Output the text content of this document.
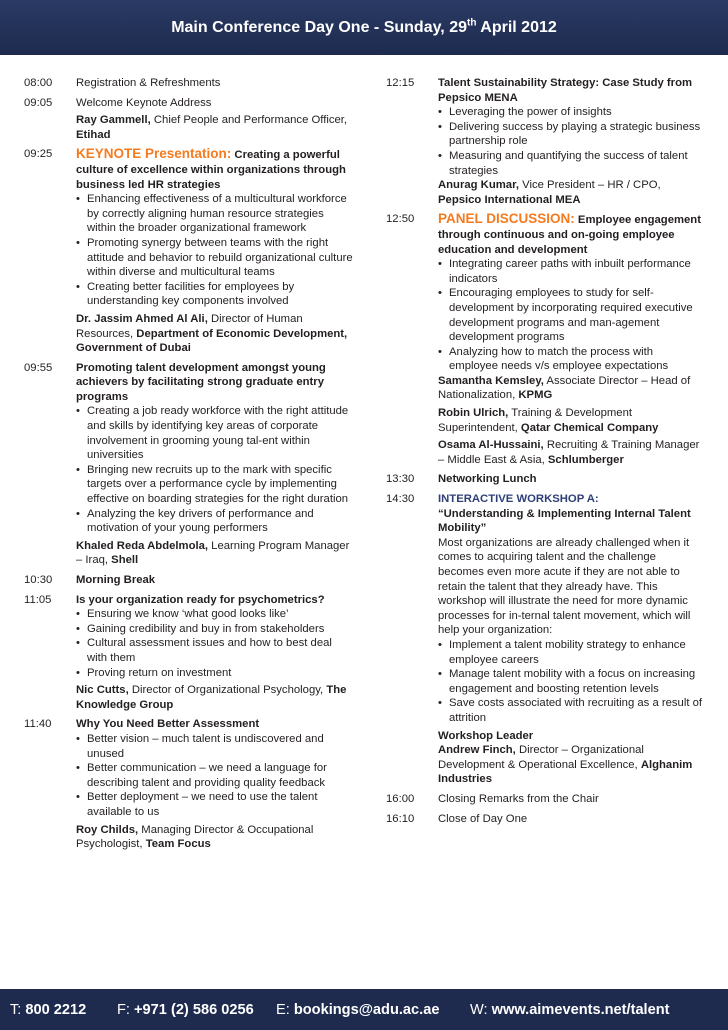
Main Conference Day One - Sunday, 29th April 2012
08:00	Registration & Refreshments
09:05	Welcome Keynote Address
Ray Gammell, Chief People and Performance Officer, Etihad
09:25	KEYNOTE Presentation: Creating a powerful culture of excellence within organizations through business led HR strategies
• Enhancing effectiveness of a multicultural workforce by correctly aligning human resource strategies within the broader organizational framework
• Promoting synergy between teams with the right attitude and behavior to rebuild organizational culture within diverse and multicultural teams
• Creating better facilities for employees by understanding key components involved
Dr. Jassim Ahmed Al Ali, Director of Human Resources, Department of Economic Development, Government of Dubai
09:55	Promoting talent development amongst young achievers by facilitating strong graduate entry programs
• Creating a job ready workforce with the right attitude and skills by identifying key areas of corporate involvement in grooming young tal-ent within universities
• Bringing new recruits up to the mark with specific targets over a performance cycle by implementing effective on boarding strategies for the right duration
• Analyzing the key drivers of performance and motivation of your young performers
Khaled Reda Abdelmola, Learning Program Manager – Iraq, Shell
10:30	Morning Break
11:05	Is your organization ready for psychometrics?
• Ensuring we know ‘what good looks like’
• Gaining credibility and buy in from stakeholders
• Cultural assessment issues and how to best deal with them
• Proving return on investment
Nic Cutts, Director of Organizational Psychology, The Knowledge Group
11:40	Why You Need Better Assessment
• Better vision – much talent is undiscovered and unused
• Better communication – we need a language for describing talent and providing quality feedback
• Better deployment – we need to use the talent available to us
Roy Childs, Managing Director & Occupational Psychologist, Team Focus
12:15	Talent Sustainability Strategy: Case Study from Pepsico MENA
• Leveraging the power of insights
• Delivering success by playing a strategic business partnership role
• Measuring and quantifying the success of talent strategies
Anurag Kumar, Vice President – HR / CPO, Pepsico International MEA
12:50	PANEL DISCUSSION: Employee engagement through continuous and on-going employee education and development
• Integrating career paths with inbuilt performance indicators
• Encouraging employees to study for self-development by incorporating required executive development programs and man-agement development programs
• Analyzing how to match the process with employee needs v/s employee expectations
Samantha Kemsley, Associate Director – Head of Nationalization, KPMG
Robin Ulrich, Training & Development Superintendent, Qatar Chemical Company
Osama Al-Hussaini, Recruiting & Training Manager – Middle East & Asia, Schlumberger
13:30	Networking Lunch
14:30	INTERACTIVE WORKSHOP A:
“Understanding & Implementing Internal Talent Mobility”
Most organizations are already challenged when it comes to acquiring talent and the challenge becomes even more acute if they are not able to retain the talent that they already have. This workshop will illustrate the need for more dynamic processes for in-ternal talent movement, which will help your organization:
• Implement a talent mobility strategy to enhance employee careers
• Manage talent mobility with a focus on increasing engagement and boosting retention levels
• Save costs associated with recruiting as a result of attrition
Workshop Leader
Andrew Finch, Director – Organizational Development & Operational Excellence, Alghanim Industries
16:00	Closing Remarks from the Chair
16:10	Close of Day One
T: 800 2212 F: +971 (2) 586 0256 E: bookings@adu.ac.ae W: www.aimevents.net/talent
